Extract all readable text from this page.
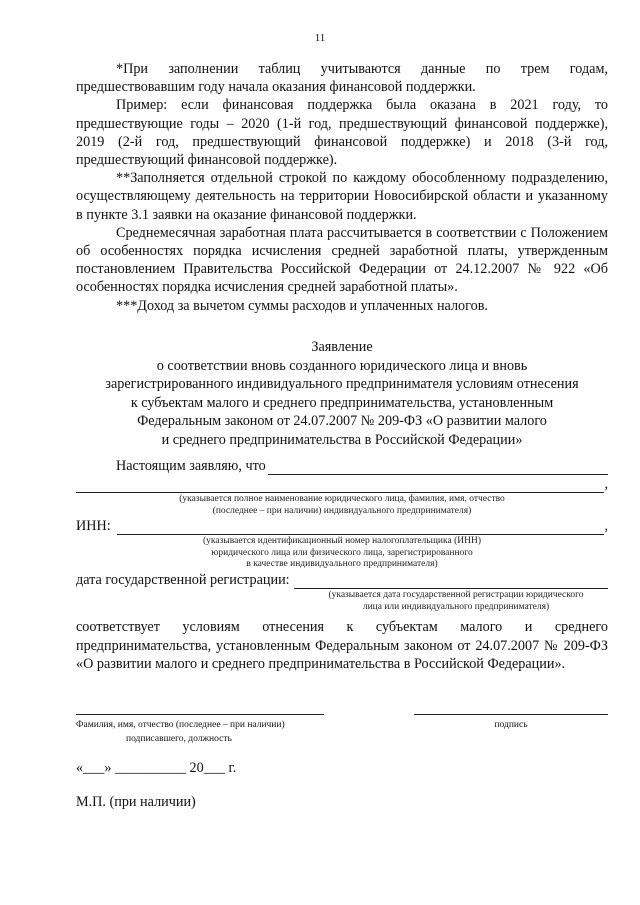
11

*При заполнении таблиц учитываются данные по трем годам, предшествовавшим году начала оказания финансовой поддержки.

Пример: если финансовая поддержка была оказана в 2021 году, то предшествующие годы – 2020 (1-й год, предшествующий финансовой поддержке), 2019 (2-й год, предшествующий финансовой поддержке) и 2018 (3-й год, предшествующий финансовой поддержке).

**Заполняется отдельной строкой по каждому обособленному подразделению, осуществляющему деятельность на территории Новосибирской области и указанному в пункте 3.1 заявки на оказание финансовой поддержки.

Среднемесячная заработная плата рассчитывается в соответствии с Положением об особенностях порядка исчисления средней заработной платы, утвержденным постановлением Правительства Российской Федерации от 24.12.2007 № 922 «Об особенностях порядка исчисления средней заработной платы».

***Доход за вычетом суммы расходов и уплаченных налогов.

Заявление
о соответствии вновь созданного юридического лица и вновь
зарегистрированного индивидуального предпринимателя условиям отнесения
к субъектам малого и среднего предпринимательства, установленным
Федеральным законом от 24.07.2007 № 209-ФЗ «О развитии малого
и среднего предпринимательства в Российской Федерации»
Настоящим заявляю, что
,
(указывается полное наименование юридического лица, фамилия, имя, отчество
(последнее – при наличии) индивидуального предпринимателя)
ИНН:	,
(указывается идентификационный номер налогоплательщика (ИНН)
юридического лица или физического лица, зарегистрированного
в качестве индивидуального предпринимателя)
дата государственной регистрации:
(указывается дата государственной регистрации юридического
лица или индивидуального предпринимателя)
соответствует условиям отнесения к субъектам малого и среднего предпринимательства, установленным Федеральным законом от 24.07.2007 № 209-ФЗ «О развитии малого и среднего предпринимательства в Российской Федерации».
Фамилия, имя, отчество (последнее – при наличии)
подписавшего, должность
подпись
«___» __________ 20___ г.
М.П. (при наличии)
